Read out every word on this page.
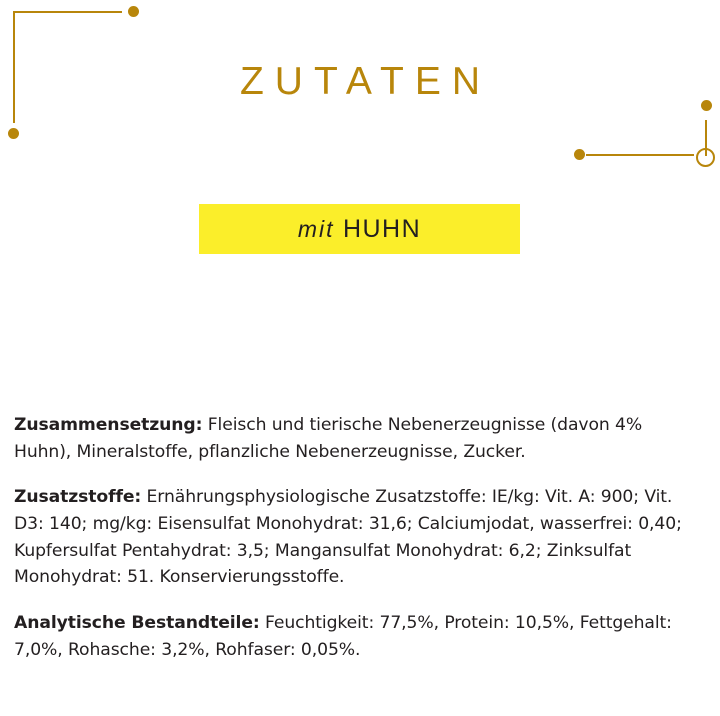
ZUTATEN
mit HUHN

Zusammensetzung: Fleisch und tierische Nebenerzeugnisse (davon 4% Huhn), Mineralstoffe, pflanzliche Nebenerzeugnisse, Zucker.

Zusatzstoffe: Ernährungsphysiologische Zusatzstoffe: IE/kg: Vit. A: 900; Vit. D3: 140; mg/kg: Eisensulfat Monohydrat: 31,6; Calciumjodat, wasserfrei: 0,40; Kupfersulfat Pentahydrat: 3,5; Mangansulfat Monohydrat: 6,2; Zinksulfat Monohydrat: 51. Konservierungsstoffe.

Analytische Bestandteile: Feuchtigkeit: 77,5%, Protein: 10,5%, Fettgehalt: 7,0%, Rohasche: 3,2%, Rohfaser: 0,05%.
